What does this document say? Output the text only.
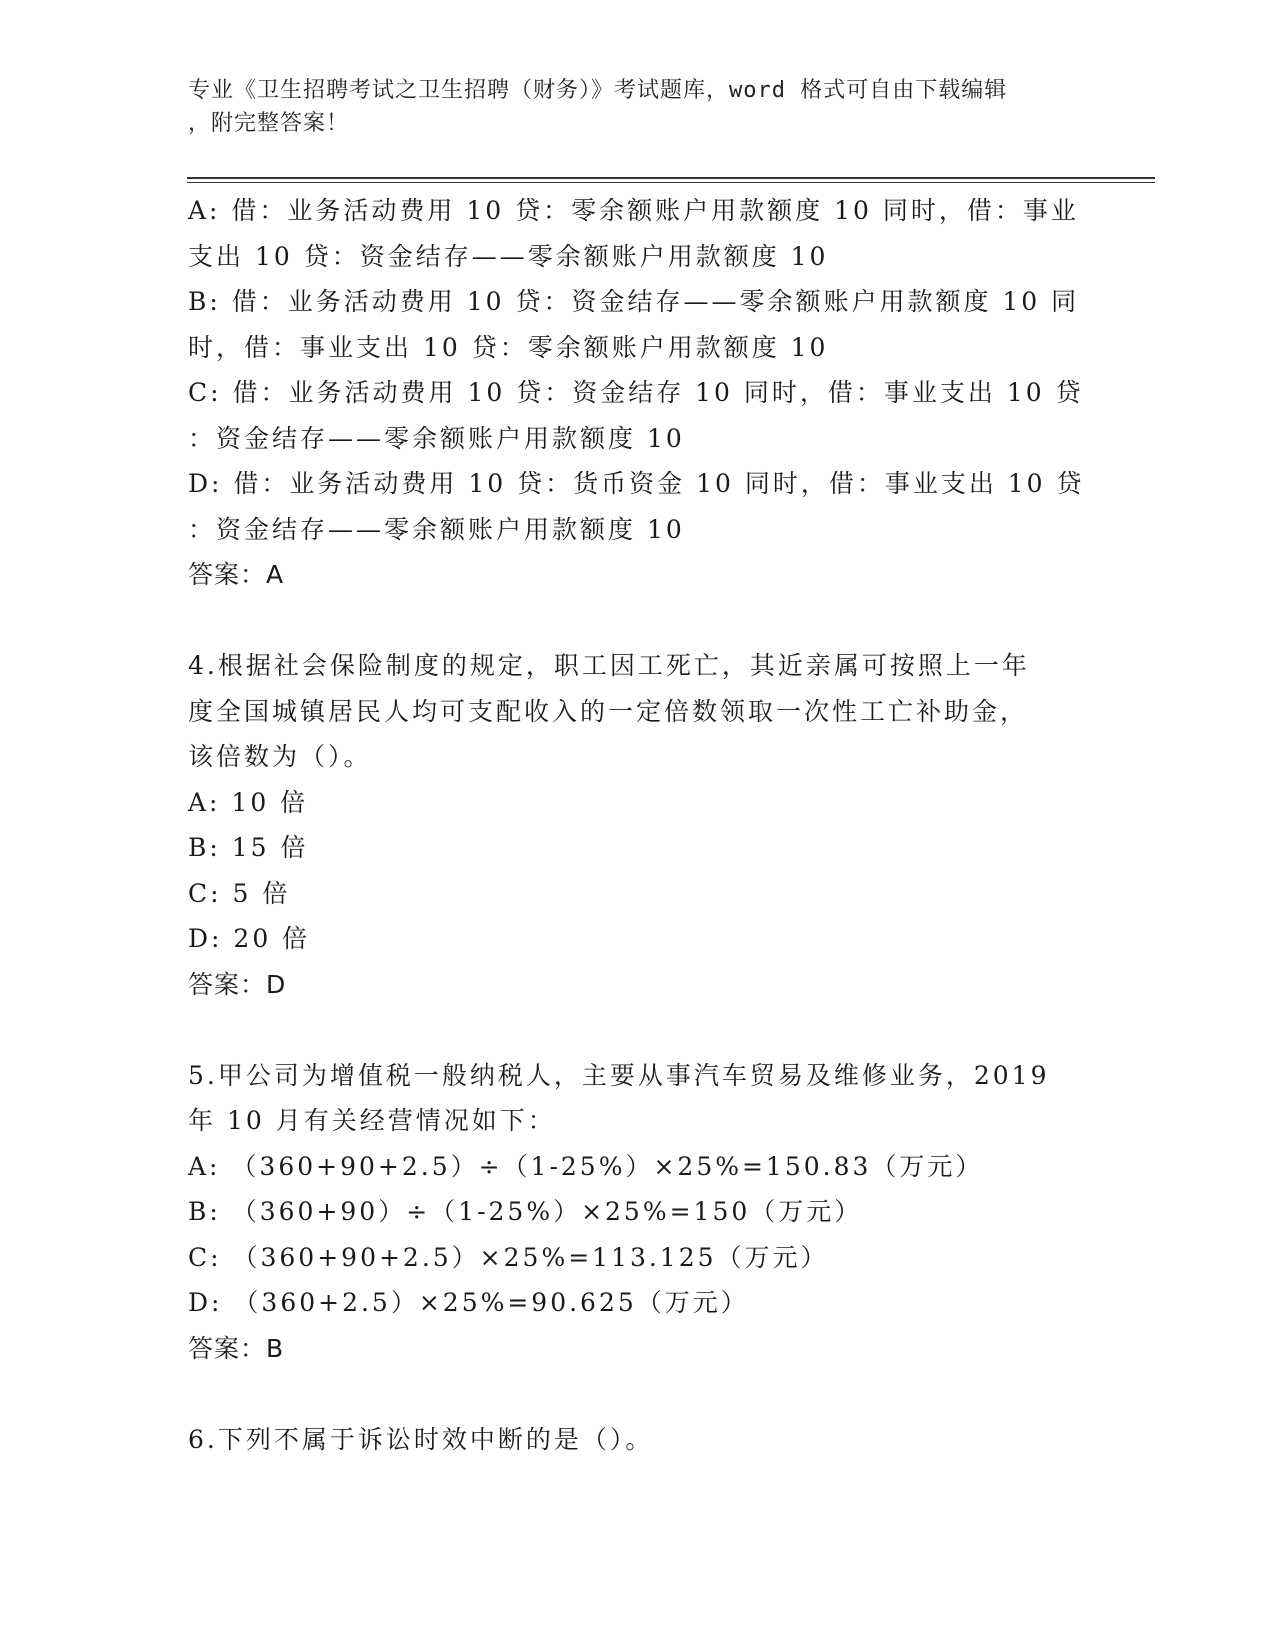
专业《卫生招聘考试之卫生招聘（财务）》考试题库，word 格式可自由下载编辑
，附完整答案！
A: 借：业务活动费用 10 贷：零余额账户用款额度 10 同时，借：事业
支出 10 贷：资金结存——零余额账户用款额度 10
B: 借：业务活动费用 10 贷：资金结存——零余额账户用款额度 10 同
时，借：事业支出 10 贷：零余额账户用款额度 10
C: 借：业务活动费用 10 贷：资金结存 10 同时，借：事业支出 10 贷
：资金结存——零余额账户用款额度 10
D: 借：业务活动费用 10 贷：货币资金 10 同时，借：事业支出 10 贷
：资金结存——零余额账户用款额度 10
答案：A
4.根据社会保险制度的规定，职工因工死亡，其近亲属可按照上一年
度全国城镇居民人均可支配收入的一定倍数领取一次性工亡补助金，
该倍数为（）。
A: 10 倍
B: 15 倍
C: 5 倍
D: 20 倍
答案：D
5.甲公司为增值税一般纳税人，主要从事汽车贸易及维修业务，2019
年 10 月有关经营情况如下：
A: （360+90+2.5）÷（1-25%）×25%=150.83（万元）
B: （360+90）÷（1-25%）×25%=150（万元）
C: （360+90+2.5）×25%=113.125（万元）
D: （360+2.5）×25%=90.625（万元）
答案：B
6.下列不属于诉讼时效中断的是（）。
